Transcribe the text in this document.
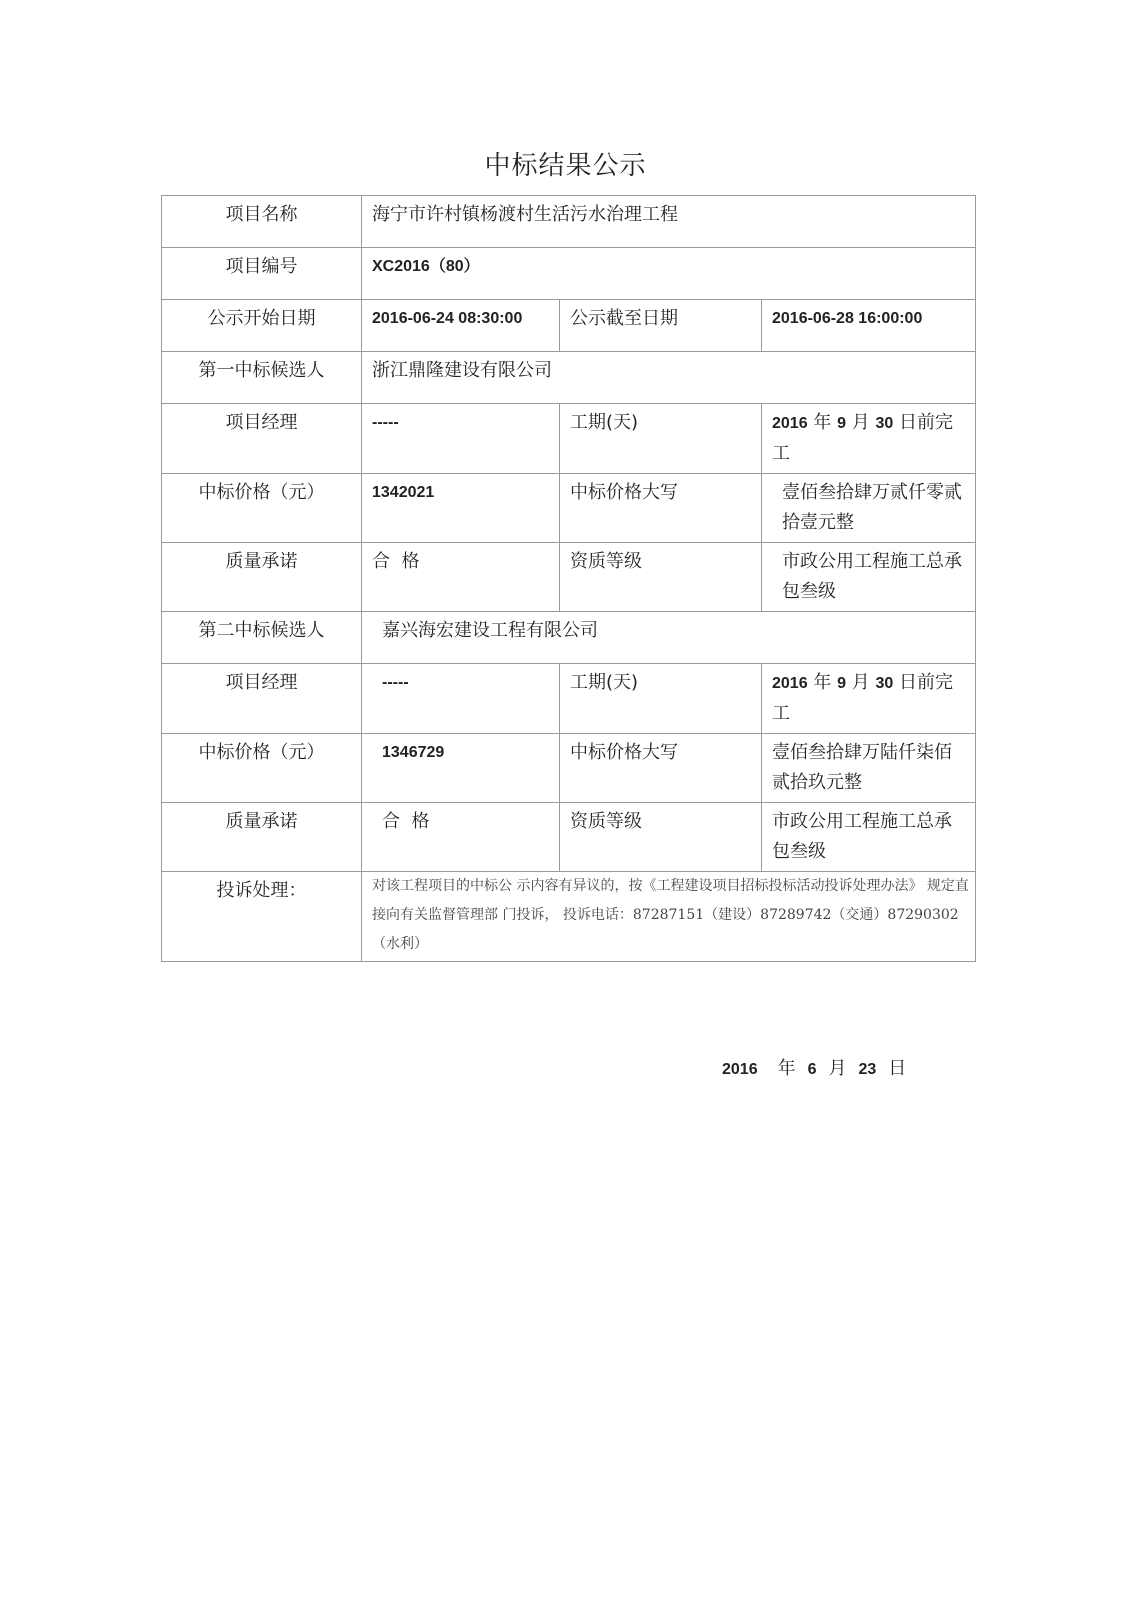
中标结果公示
项目名称	海宁市许村镇杨渡村生活污水治理工程		
项目编号	XC2016（80）		
公示开始日期	2016-06-24 08:30:00	公示截至日期	2016-06-28 16:00:00
第一中标候选人	浙江鼎隆建设有限公司		
项目经理	-----	工期(天)	2016 年 9 月 30 日前完工
中标价格（元）	1342021	中标价格大写	壹佰叁拾肆万贰仟零贰拾壹元整
质量承诺	合  格	资质等级	市政公用工程施工总承包叁级
第二中标候选人	嘉兴海宏建设工程有限公司		
项目经理	-----	工期(天)	2016 年 9 月 30 日前完工
中标价格（元）	1346729	中标价格大写	壹佰叁拾肆万陆仟柒佰贰拾玖元整
质量承诺	合  格	资质等级	市政公用工程施工总承包叁级
投诉处理：	对该工程项目的中标公 示内容有异议的，按《工程建设项目招标投标活动投诉处理办法》 规定直接向有关监督管理部 门投诉， 投诉电话：87287151（建设）87289742（交通）87290302（水利）		
2016 年 6 月 23 日
